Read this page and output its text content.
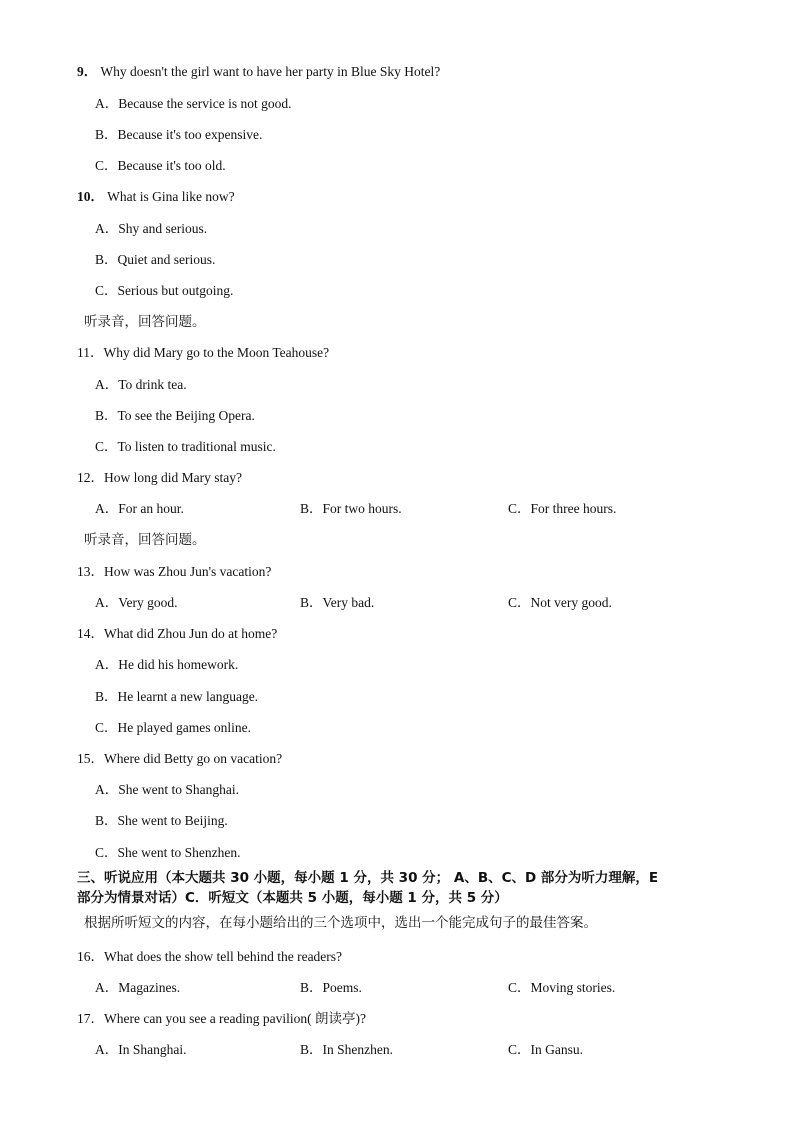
9． Why doesn't the girl want to have her party in Blue Sky Hotel?
A．Because the service is not good.
B．Because it's too expensive.
C．Because it's too old.
10． What is Gina like now?
A．Shy and serious.
B．Quiet and serious.
C．Serious but outgoing.
听录音，回答问题。
11．Why did Mary go to the Moon Teahouse?
A．To drink tea.
B．To see the Beijing Opera.
C．To listen to traditional music.
12．How long did Mary stay?
A．For an hour.	B．For two hours.	C．For three hours.
听录音，回答问题。
13．How was Zhou Jun's vacation?
A．Very good.	B．Very bad.	C．Not very good.
14．What did Zhou Jun do at home?
A．He did his homework.
B．He learnt a new language.
C．He played games online.
15．Where did Betty go on vacation?
A．She went to Shanghai.
B．She went to Beijing.
C．She went to Shenzhen.
三、听说应用（本大题共 30 小题，每小题 1 分，共 30 分； A、B、C、D 部分为听力理解，E
部分为情景对话）C．听短文（本题共 5 小题，每小题 1 分，共 5 分）
根据所听短文的内容，在每小题给出的三个选项中，选出一个能完成句子的最佳答案。
16．What does the show tell behind the readers?
A．Magazines.	B．Poems.	C．Moving stories.
17．Where can you see a reading pavilion( 朗读亭)?
A．In Shanghai.	B．In Shenzhen.	C．In Gansu.
